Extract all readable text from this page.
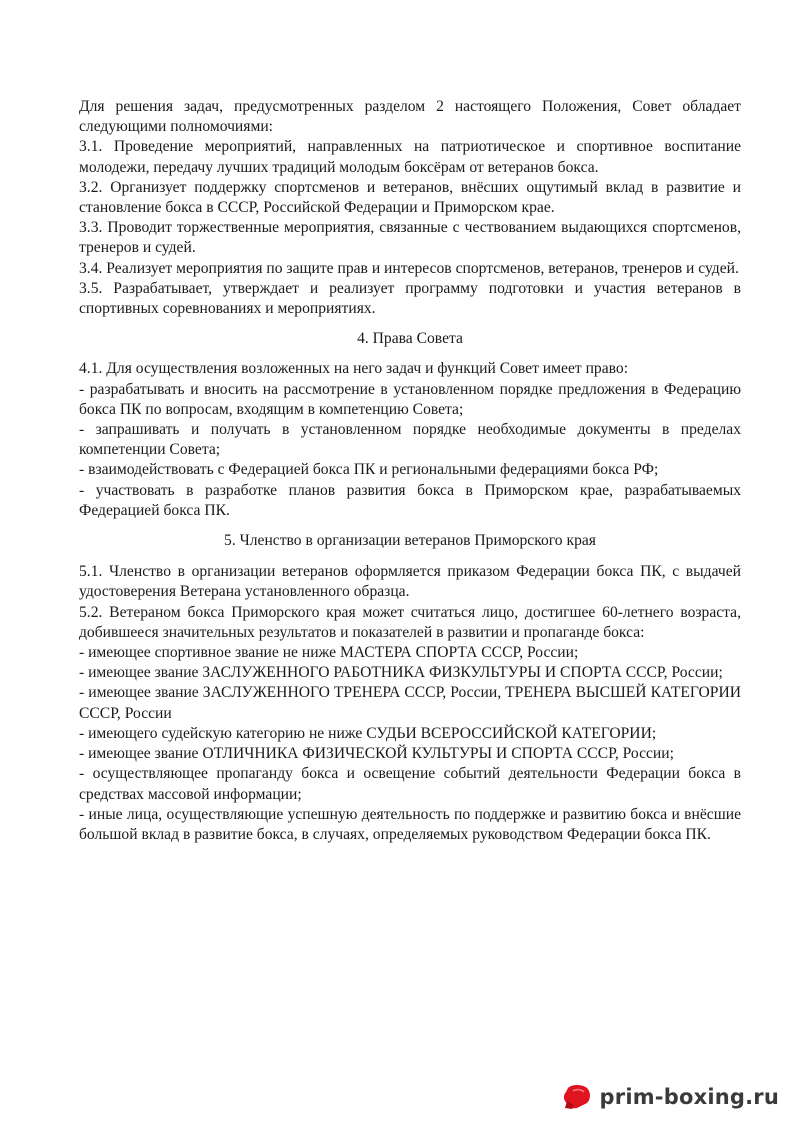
Для решения задач, предусмотренных разделом 2 настоящего Положения, Совет обладает следующими полномочиями:

3.1. Проведение мероприятий, направленных на патриотическое и спортивное воспитание молодежи, передачу лучших традиций молодым боксёрам от ветеранов бокса.

3.2. Организует поддержку спортсменов и ветеранов, внёсших ощутимый вклад в развитие и становление бокса в СССР, Российской Федерации и Приморском крае.

3.3. Проводит торжественные мероприятия, связанные с чествованием выдающихся спортсменов, тренеров и судей.

3.4. Реализует мероприятия по защите прав и интересов спортсменов, ветеранов, тренеров и судей.

3.5. Разрабатывает, утверждает и реализует программу подготовки и участия ветеранов в спортивных соревнованиях и мероприятиях.

4. Права Совета

4.1. Для осуществления возложенных на него задач и функций Совет имеет право:

- разрабатывать и вносить на рассмотрение в установленном порядке предложения в Федерацию бокса ПК по вопросам, входящим в компетенцию Совета;

- запрашивать и получать в установленном порядке необходимые документы в пределах компетенции Совета;

- взаимодействовать с Федерацией бокса ПК и региональными федерациями бокса РФ;

- участвовать в разработке планов развития бокса в Приморском крае, разрабатываемых Федерацией бокса ПК.

5. Членство в организации ветеранов Приморского края

5.1. Членство в организации ветеранов оформляется приказом Федерации бокса ПК, с выдачей удостоверения Ветерана установленного образца.

5.2. Ветераном бокса Приморского края может считаться лицо, достигшее 60-летнего возраста, добившееся значительных результатов и показателей в развитии и пропаганде бокса:

- имеющее спортивное звание не ниже МАСТЕРА СПОРТА СССР, России;

- имеющее звание ЗАСЛУЖЕННОГО РАБОТНИКА ФИЗКУЛЬТУРЫ И СПОРТА СССР, России;

- имеющее звание ЗАСЛУЖЕННОГО ТРЕНЕРА СССР, России, ТРЕНЕРА ВЫСШЕЙ КАТЕГОРИИ СССР, России

- имеющего судейскую категорию не ниже СУДЬИ ВСЕРОССИЙСКОЙ КАТЕГОРИИ;

- имеющее звание ОТЛИЧНИКА ФИЗИЧЕСКОЙ КУЛЬТУРЫ И СПОРТА СССР, России;

- осуществляющее пропаганду бокса и освещение событий деятельности Федерации бокса в средствах массовой информации;

- иные лица, осуществляющие успешную деятельность по поддержке и развитию бокса и внёсшие большой вклад в развитие бокса, в случаях, определяемых руководством Федерации бокса ПК.

prim-boxing.ru
